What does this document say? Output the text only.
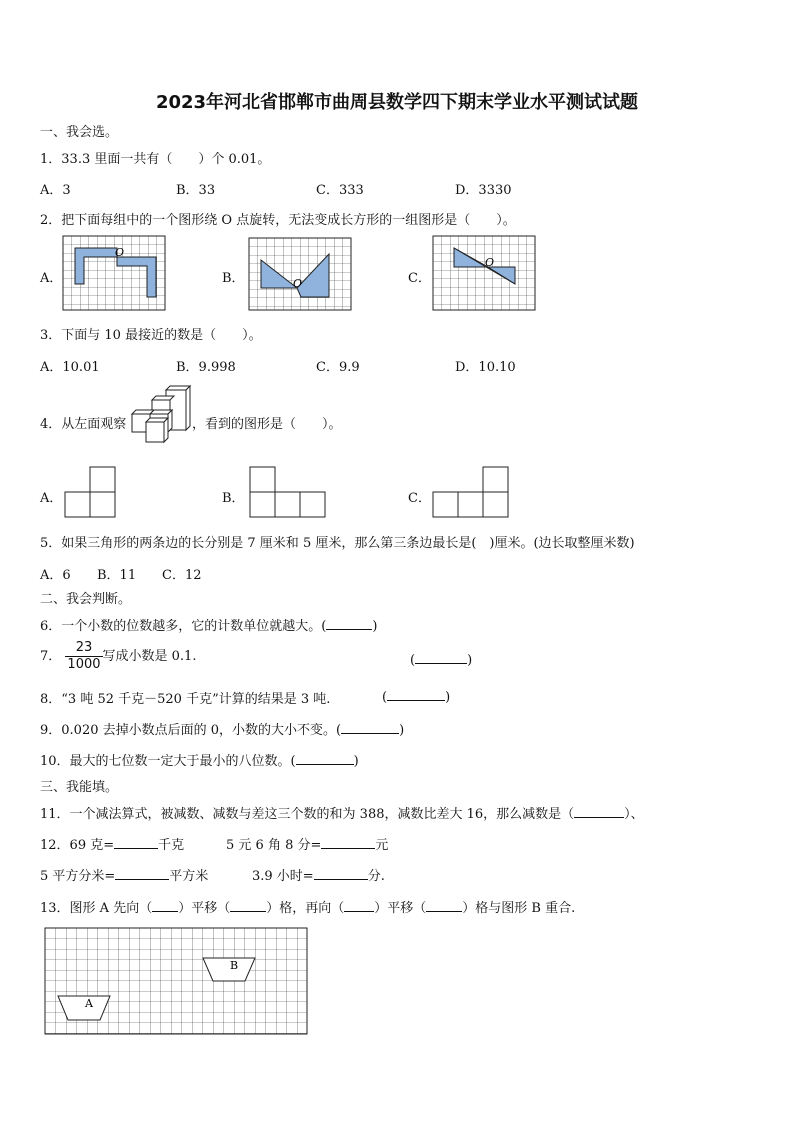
2023年河北省邯郸市曲周县数学四下期末学业水平测试试题
一、我会选。
1．33.3 里面一共有（　　）个 0.01。
A．3	B．33	C．333	D．3330
2．把下面每组中的一个图形绕 O 点旋转，无法变成长方形的一组图形是（　　）。
A．	B．	C．
O
O
O
3．下面与 10 最接近的数是（　　）。
A．10.01	B．9.998	C．9.9	D．10.10
4．从左面观察	，看到的图形是（　　）。
A．	B．	C．
5．如果三角形的两条边的长分别是 7 厘米和 5 厘米，那么第三条边最长是(　)厘米。(边长取整厘米数)
A．6 B．11 C．12
二、我会判断。
6．一个小数的位数越多，它的计数单位就越大。(	)
7． $\frac{23}{1000}$ 写成小数是 0.1.	(	)
8．“3 吨 52 千克－520 千克”计算的结果是 3 吨.	(	)
9．0.020 去掉小数点后面的 0，小数的大小不变。(	)
10．最大的七位数一定大于最小的八位数。(	)
三、我能填。
11．一个减法算式，被减数、减数与差这三个数的和为 388，减数比差大 16，那么减数是（	）、
12．69 克=	千克	5 元 6 角 8 分=	元
5 平方分米=	平方米	3.9 小时=	分.
13．图形 A 先向（ ）平移（	）格，再向（ ）平移（	）格与图形 B 重合.
B
A
